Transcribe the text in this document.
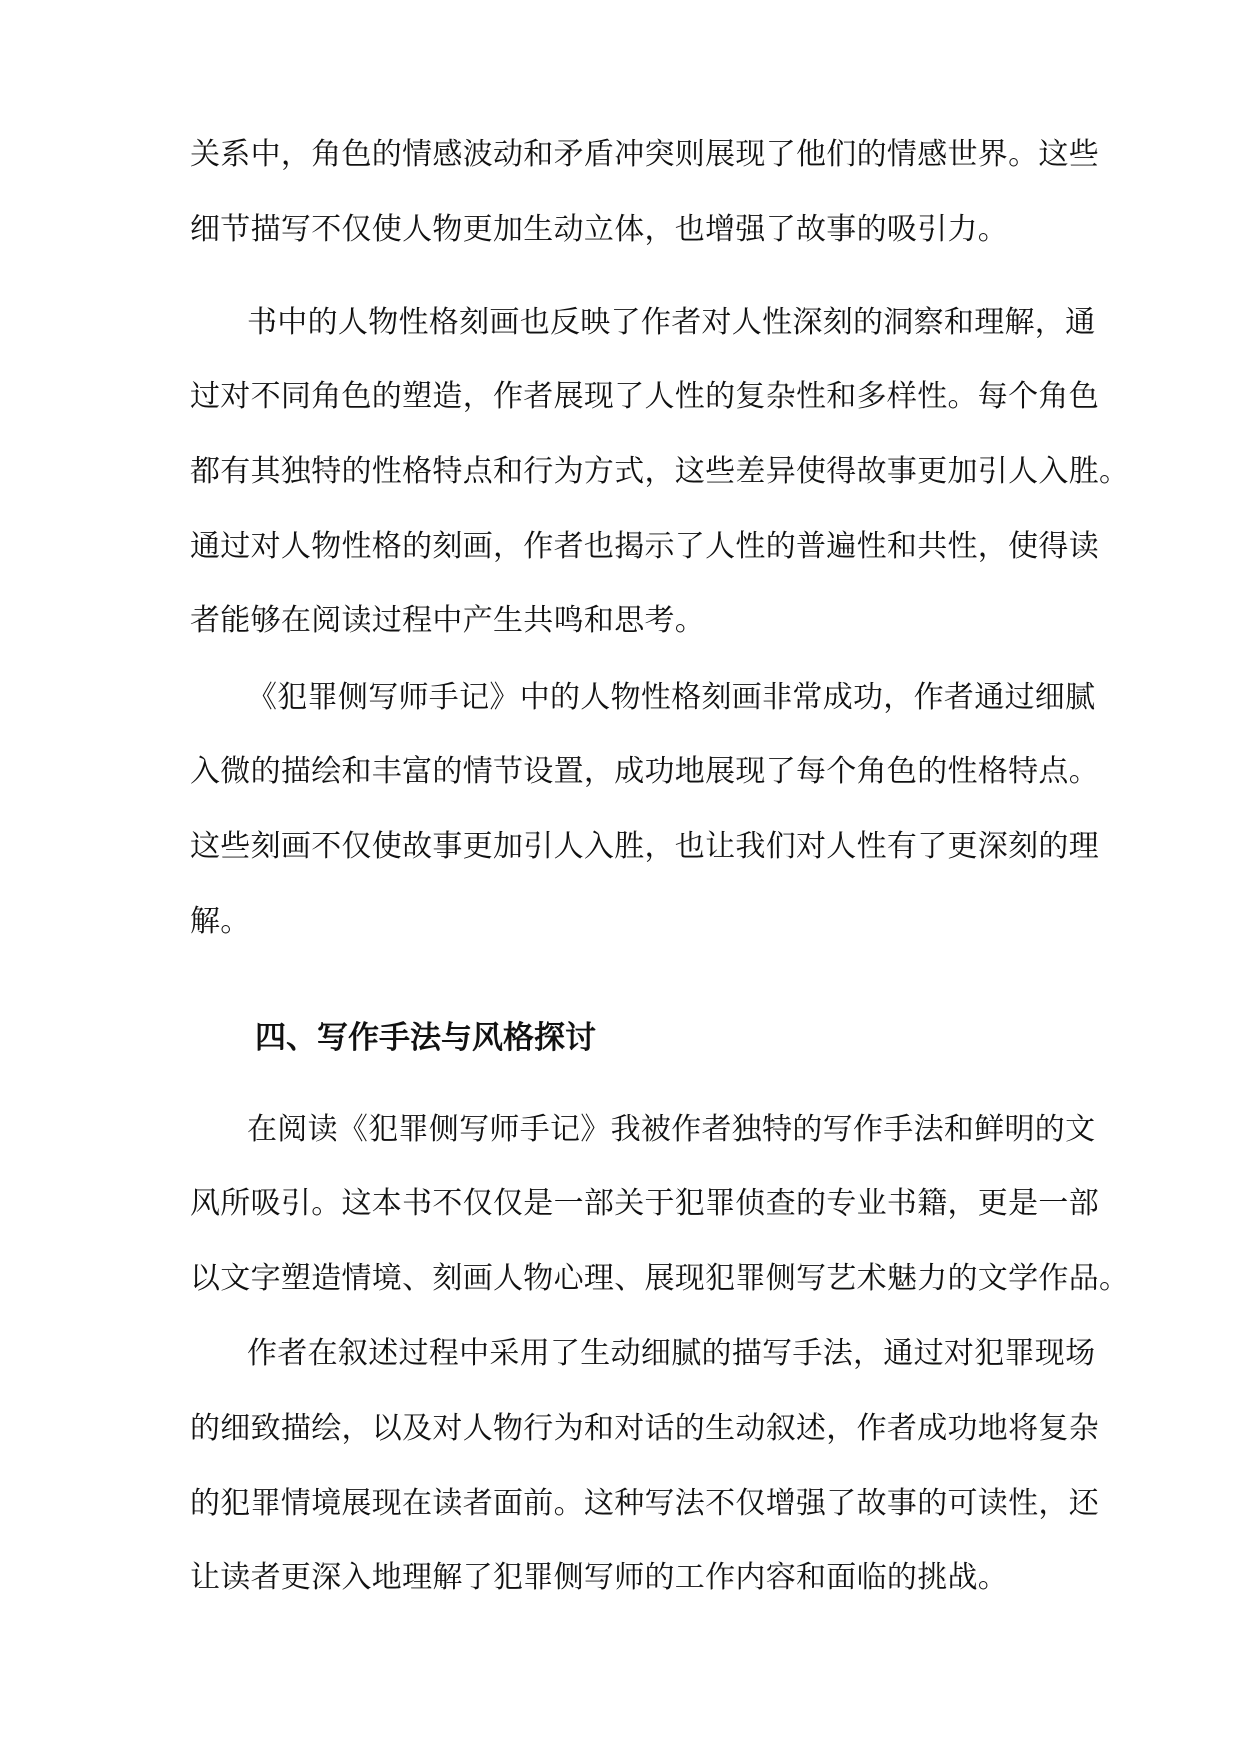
关系中，角色的情感波动和矛盾冲突则展现了他们的情感世界。这些
细节描写不仅使人物更加生动立体，也增强了故事的吸引力。
书中的人物性格刻画也反映了作者对人性深刻的洞察和理解，通
过对不同角色的塑造，作者展现了人性的复杂性和多样性。每个角色
都有其独特的性格特点和行为方式，这些差异使得故事更加引人入胜。
通过对人物性格的刻画，作者也揭示了人性的普遍性和共性，使得读
者能够在阅读过程中产生共鸣和思考。
《犯罪侧写师手记》中的人物性格刻画非常成功，作者通过细腻
入微的描绘和丰富的情节设置，成功地展现了每个角色的性格特点。
这些刻画不仅使故事更加引人入胜，也让我们对人性有了更深刻的理
解。
四、写作手法与风格探讨
在阅读《犯罪侧写师手记》我被作者独特的写作手法和鲜明的文
风所吸引。这本书不仅仅是一部关于犯罪侦查的专业书籍，更是一部
以文字塑造情境、刻画人物心理、展现犯罪侧写艺术魅力的文学作品。
作者在叙述过程中采用了生动细腻的描写手法，通过对犯罪现场
的细致描绘，以及对人物行为和对话的生动叙述，作者成功地将复杂
的犯罪情境展现在读者面前。这种写法不仅增强了故事的可读性，还
让读者更深入地理解了犯罪侧写师的工作内容和面临的挑战。
